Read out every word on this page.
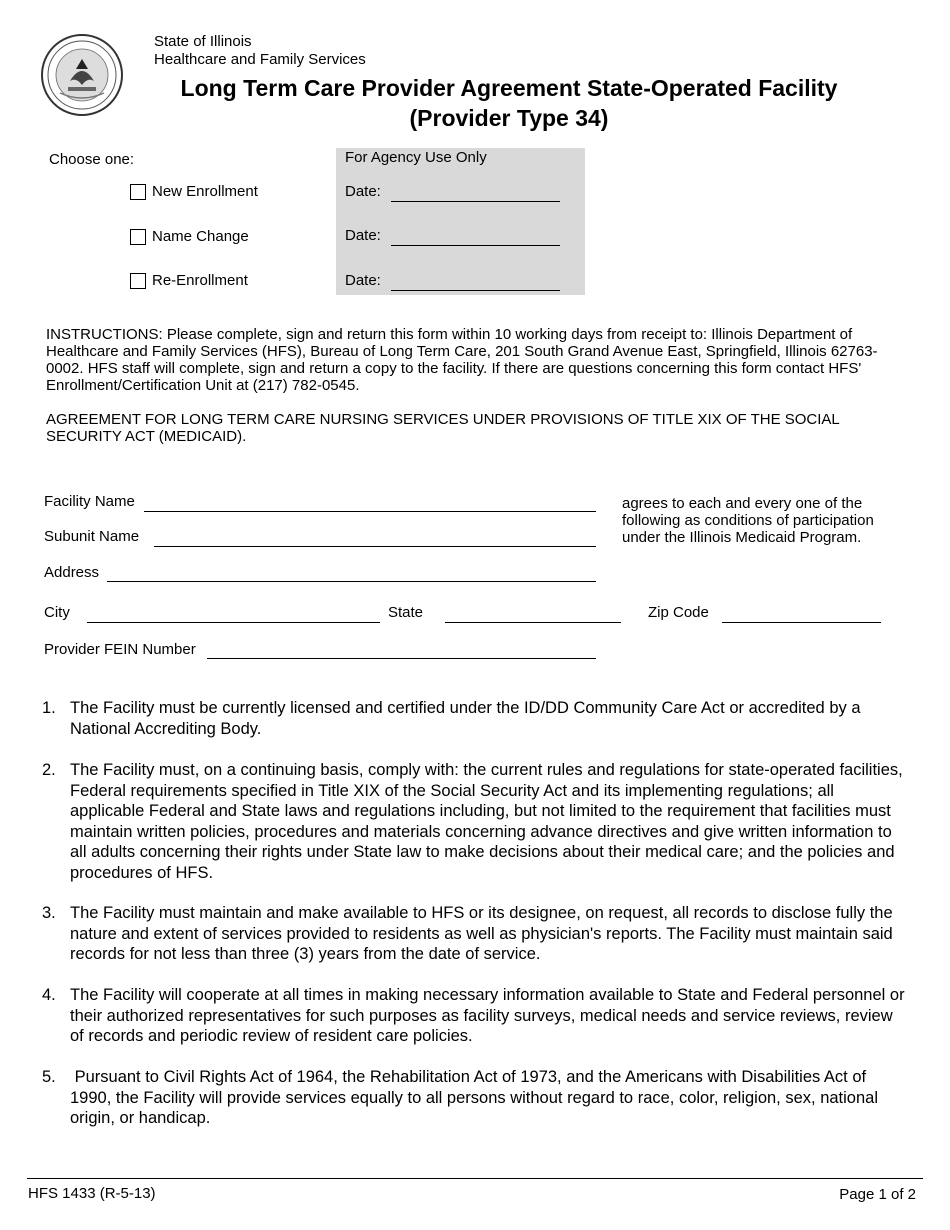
State of Illinois
Healthcare and Family Services
Long Term Care Provider Agreement State-Operated Facility
(Provider Type 34)
Choose one:
New Enrollment
Name Change
Re-Enrollment
For Agency Use Only
Date:
Date:
Date:
INSTRUCTIONS: Please complete, sign and return this form within 10 working days from receipt to: Illinois Department of Healthcare and Family Services (HFS), Bureau of Long Term Care, 201 South Grand Avenue East, Springfield, Illinois 62763-0002. HFS staff will complete, sign and return a copy to the facility. If there are questions concerning this form contact HFS' Enrollment/Certification Unit at (217) 782-0545.
AGREEMENT FOR LONG TERM CARE NURSING SERVICES UNDER PROVISIONS OF TITLE XIX OF THE SOCIAL SECURITY ACT (MEDICAID).
Facility Name
Subunit Name
Address
City	State	Zip Code
Provider FEIN Number
agrees to each and every one of the following as conditions of participation under the Illinois Medicaid Program.
1. The Facility must be currently licensed and certified under the ID/DD Community Care Act or accredited by a National Accrediting Body.
2. The Facility must, on a continuing basis, comply with: the current rules and regulations for state-operated facilities, Federal requirements specified in Title XIX of the Social Security Act and its implementing regulations; all applicable Federal and State laws and regulations including, but not limited to the requirement that facilities must maintain written policies, procedures and materials concerning advance directives and give written information to all adults concerning their rights under State law to make decisions about their medical care; and the policies and procedures of HFS.
3. The Facility must maintain and make available to HFS or its designee, on request, all records to disclose fully the nature and extent of services provided to residents as well as physician's reports. The Facility must maintain said records for not less than three (3) years from the date of service.
4. The Facility will cooperate at all times in making necessary information available to State and Federal personnel or their authorized representatives for such purposes as facility surveys, medical needs and service reviews, review of records and periodic review of resident care policies.
5. Pursuant to Civil Rights Act of 1964, the Rehabilitation Act of 1973, and the Americans with Disabilities Act of 1990, the Facility will provide services equally to all persons without regard to race, color, religion, sex, national origin, or handicap.
HFS 1433 (R-5-13)	Page 1 of 2
